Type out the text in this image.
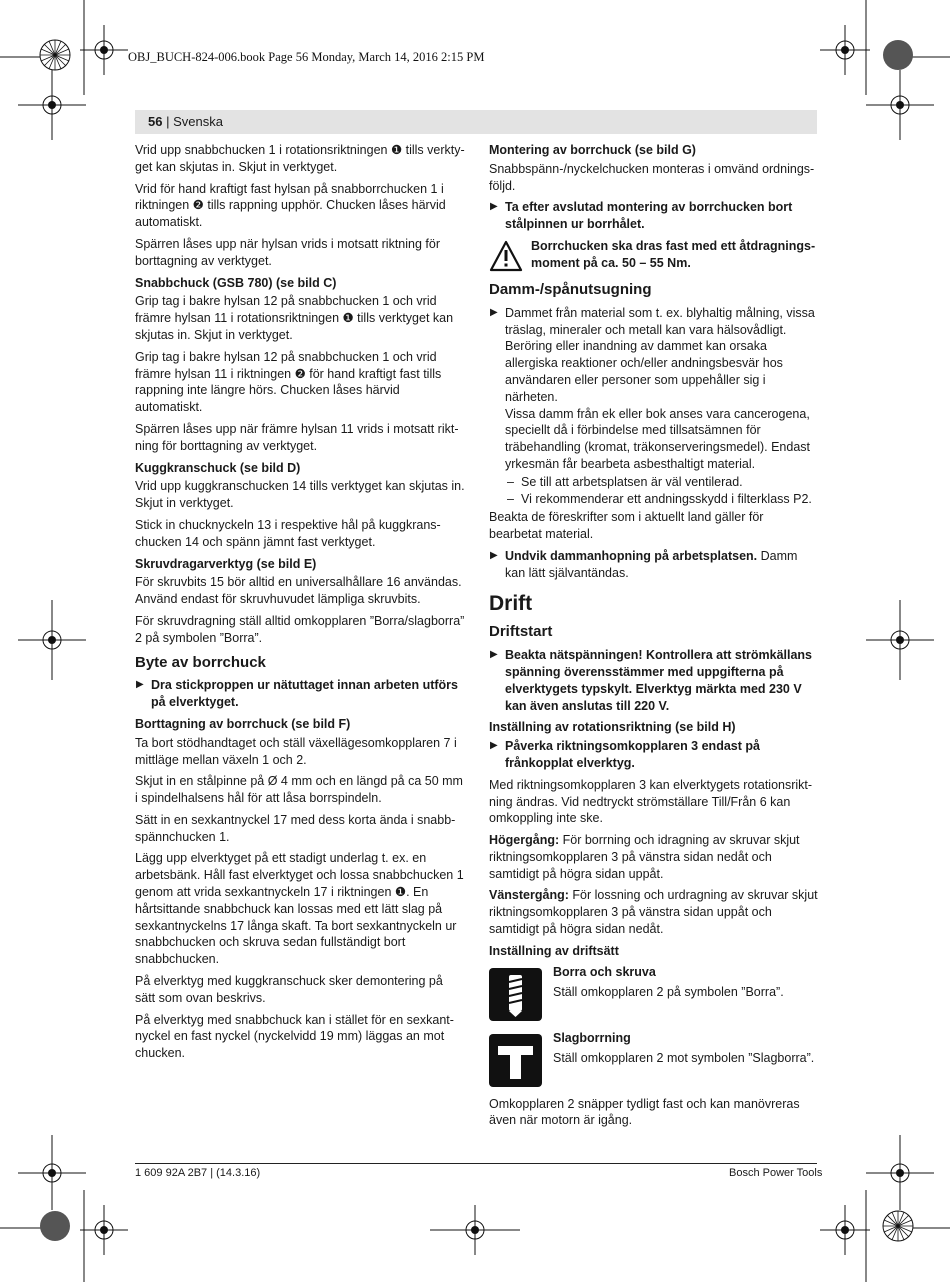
OBJ_BUCH-824-006.book Page 56 Monday, March 14, 2016 2:15 PM
56 | Svenska

Vrid upp snabbchucken 1 i rotationsriktningen ❶ tills verktyget kan skjutas in. Skjut in verktyget.

Vrid för hand kraftigt fast hylsan på snabborrchucken 1 i riktningen ❷ tills rappning upphör. Chucken låses härvid automatiskt.

Spärren låses upp när hylsan vrids i motsatt riktning för borttagning av verktyget.

Snabbchuck (GSB 780) (se bild C)

Grip tag i bakre hylsan 12 på snabbchucken 1 och vrid främre hylsan 11 i rotationsriktningen ❶ tills verktyget kan skjutas in. Skjut in verktyget.

Grip tag i bakre hylsan 12 på snabbchucken 1 och vrid främre hylsan 11 i riktningen ❷ för hand kraftigt fast tills rappning inte längre hörs. Chucken låses härvid automatiskt.

Spärren låses upp när främre hylsan 11 vrids i motsatt riktning för borttagning av verktyget.

Kuggkranschuck (se bild D)

Vrid upp kuggkranschucken 14 tills verktyget kan skjutas in. Skjut in verktyget.

Stick in chucknyckeln 13 i respektive hål på kuggkranschucken 14 och spänn jämnt fast verktyget.

Skruvdragarverktyg (se bild E)

För skruvbits 15 bör alltid en universalhållare 16 användas. Använd endast för skruvhuvudet lämpliga skruvbits.

För skruvdragning ställ alltid omkopplaren ”Borra/slagborra” 2 på symbolen ”Borra”.

Byte av borrchuck
▶ Dra stickproppen ur nätuttaget innan arbeten utförs på elverktyget.
Borttagning av borrchuck (se bild F)

Ta bort stödhandtaget och ställ växellägesomkopplaren 7 i mittläge mellan växeln 1 och 2.

Skjut in en stålpinne på Ø 4 mm och en längd på ca 50 mm i spindelhalsens hål för att låsa borrspindeln.

Sätt in en sexkantnyckel 17 med dess korta ända i snabbspännchucken 1.

Lägg upp elverktyget på ett stadigt underlag t. ex. en arbetsbänk. Håll fast elverktyget och lossa snabbchucken 1 genom att vrida sexkantnyckeln 17 i riktningen ❶. En hårtsittande snabbchuck kan lossas med ett lätt slag på sexkantnyckelns 17 långa skaft. Ta bort sexkantnyckeln ur snabbchucken och skruva sedan fullständigt bort snabbchucken.

På elverktyg med kuggkranschuck sker demontering på sätt som ovan beskrivs.

På elverktyg med snabbchuck kan i stället för en sexkantnyckel en fast nyckel (nyckelvidd 19 mm) läggas an mot chucken.

Montering av borrchuck (se bild G)

Snabbspänn-/nyckelchucken monteras i omvänd ordningsföljd.

▶ Ta efter avslutad montering av borrchucken bort stålpinnen ur borrhålet.
Borrchucken ska dras fast med ett åtdragningsmoment på ca. 50 – 55 Nm.
Damm-/spånutsugning
▶ Dammet från material som t. ex. blyhaltig målning, vissa träslag, mineraler och metall kan vara hälsovådligt. Beröring eller inandning av dammet kan orsaka allergiska reaktioner och/eller andningsbesvär hos användaren eller personer som uppehåller sig i närheten.
Vissa damm från ek eller bok anses vara cancerogena, speciellt då i förbindelse med tillsatsämnen för träbehandling (kromat, träkonserveringsmedel). Endast yrkesmän får bearbeta asbesthaltigt material.
– Se till att arbetsplatsen är väl ventilerad.
– Vi rekommenderar ett andningsskydd i filterklass P2.

Beakta de föreskrifter som i aktuellt land gäller för bearbetat material.

▶ Undvik dammanhopning på arbetsplatsen. Damm kan lätt självantändas.
Drift
Driftstart
▶ Beakta nätspänningen! Kontrollera att strömkällans spänning överensstämmer med uppgifterna på elverktygets typskylt. Elverktyg märkta med 230 V kan även anslutas till 220 V.
Inställning av rotationsriktning (se bild H)
▶ Påverka riktningsomkopplaren 3 endast på frånkopplat elverktyg.

Med riktningsomkopplaren 3 kan elverktygets rotationsriktning ändras. Vid nedtryckt strömställare Till/Från 6 kan omkoppling inte ske.

Högergång: För borrning och idragning av skruvar skjut riktningsomkopplaren 3 på vänstra sidan nedåt och samtidigt på högra sidan uppåt.

Vänstergång: För lossning och urdragning av skruvar skjut riktningsomkopplaren 3 på vänstra sidan uppåt och samtidigt på högra sidan nedåt.

Inställning av driftsätt
Borra och skruva
Ställ omkopplaren 2 på symbolen ”Borra”.
Slagborrning
Ställ omkopplaren 2 mot symbolen ”Slagborra”.

Omkopplaren 2 snäpper tydligt fast och kan manövreras även när motorn är igång.

1 609 92A 2B7 | (14.3.16)	Bosch Power Tools
